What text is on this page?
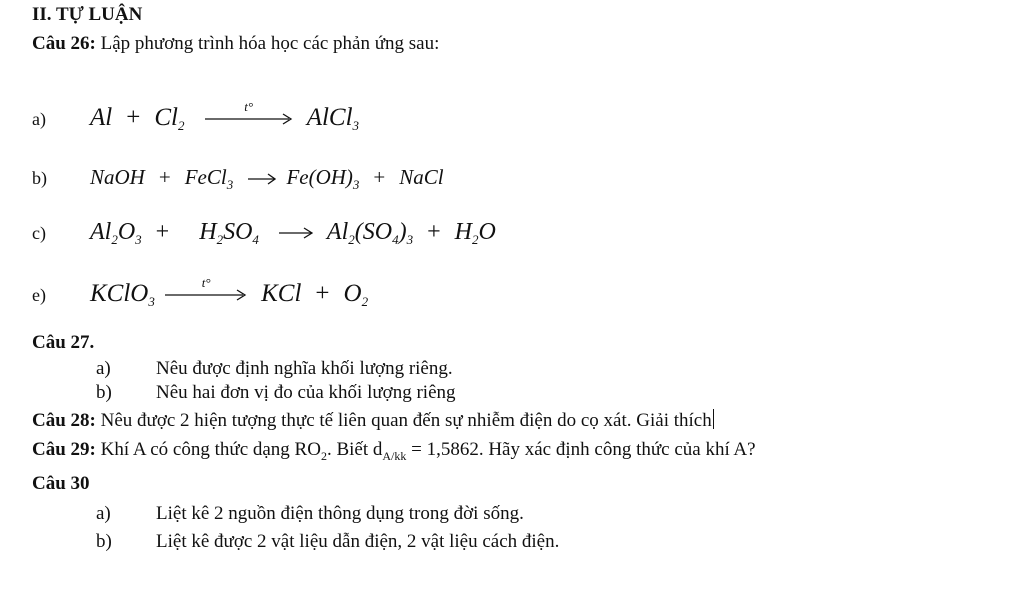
II. TỰ LUẬN
Câu 26: Lập phương trình hóa học các phản ứng sau:
a) $Al + Cl_2$
t° AlCl$_3$
b) NaOH + FeCl$_3$	$Fe(OH)_3$ + NaCl
c) $Al_2O_3 + H_2SO_4$	$Al_2(SO_4)_3 + H_2O$
e) KClO$_3$
t° KCl + $O_2$
Câu 27.
a) Nêu được định nghĩa khối lượng riêng.
b) Nêu hai đơn vị đo của khối lượng riêng
Câu 28: Nêu được 2 hiện tượng thực tế liên quan đến sự nhiễm điện do cọ xát. Giải thích
Câu 29: Khí A có công thức dạng $RO_2$. Biết $d_{A/kk} = 1,5862$. Hãy xác định công thức của khí A?
Câu 30
a) Liệt kê 2 nguồn điện thông dụng trong đời sống.
b) Liệt kê được 2 vật liệu dẫn điện, 2 vật liệu cách điện.
